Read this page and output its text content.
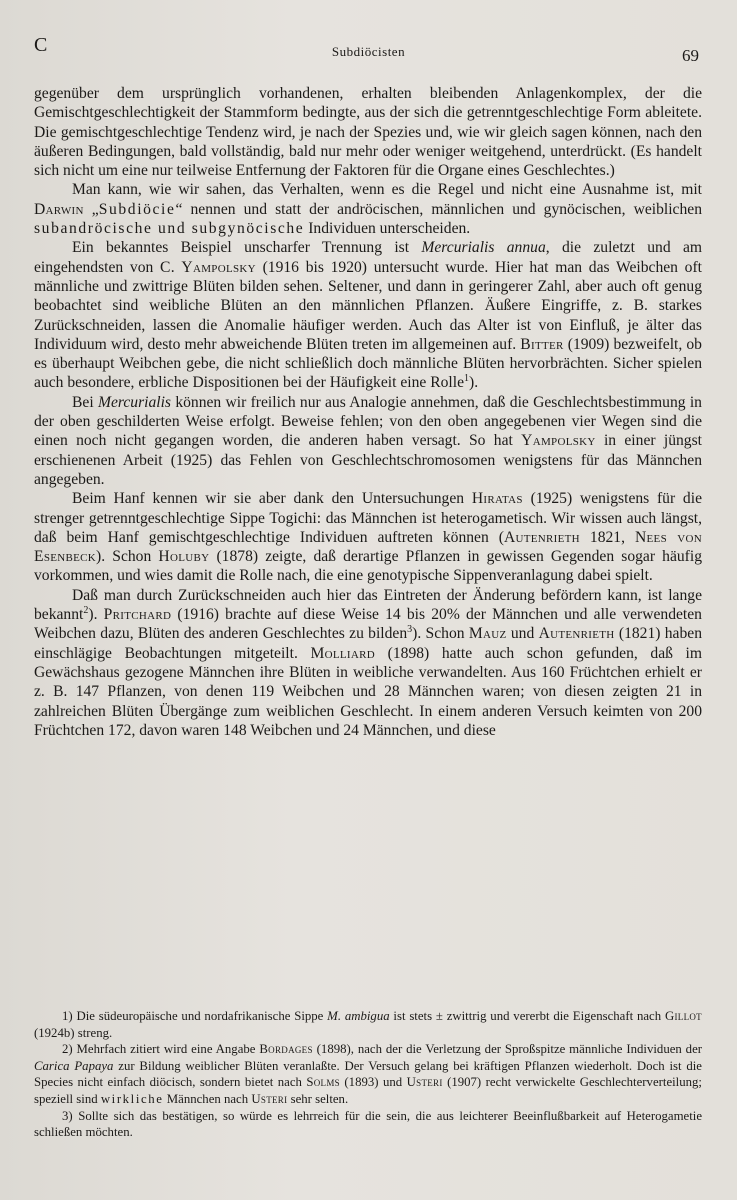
C	Subdiöcisten	69

gegenüber dem ursprünglich vorhandenen, erhalten bleibenden Anlagenkomplex, der die Gemischtgeschlechtigkeit der Stammform bedingte, aus der sich die getrenntgeschlechtige Form ableitete. Die gemischtgeschlechtige Tendenz wird, je nach der Spezies und, wie wir gleich sagen können, nach den äußeren Bedingungen, bald vollständig, bald nur mehr oder weniger weitgehend, unterdrückt. (Es handelt sich nicht um eine nur teilweise Entfernung der Faktoren für die Organe eines Geschlechtes.)

Man kann, wie wir sahen, das Verhalten, wenn es die Regel und nicht eine Ausnahme ist, mit Darwin „Subdiöcie“ nennen und statt der andröcischen, männlichen und gynöcischen, weiblichen subandröcische und subgynöcische Individuen unterscheiden.

Ein bekanntes Beispiel unscharfer Trennung ist Mercurialis annua, die zuletzt und am eingehendsten von C. Yampolsky (1916 bis 1920) untersucht wurde. Hier hat man das Weibchen oft männliche und zwittrige Blüten bilden sehen. Seltener, und dann in geringerer Zahl, aber auch oft genug beobachtet sind weibliche Blüten an den männlichen Pflanzen. Äußere Eingriffe, z. B. starkes Zurückschneiden, lassen die Anomalie häufiger werden. Auch das Alter ist von Einfluß, je älter das Individuum wird, desto mehr abweichende Blüten treten im allgemeinen auf. Bitter (1909) bezweifelt, ob es überhaupt Weibchen gebe, die nicht schließlich doch männliche Blüten hervorbrächten. Sicher spielen auch besondere, erbliche Dispositionen bei der Häufigkeit eine Rolle$^1$).

Bei Mercurialis können wir freilich nur aus Analogie annehmen, daß die Geschlechtsbestimmung in der oben geschilderten Weise erfolgt. Beweise fehlen; von den oben angegebenen vier Wegen sind die einen noch nicht gegangen worden, die anderen haben versagt. So hat Yampolsky in einer jüngst erschienenen Arbeit (1925) das Fehlen von Geschlechtschromosomen wenigstens für das Männchen angegeben.

Beim Hanf kennen wir sie aber dank den Untersuchungen Hiratas (1925) wenigstens für die strenger getrenntgeschlechtige Sippe Togichi: das Männchen ist heterogametisch. Wir wissen auch längst, daß beim Hanf gemischtgeschlechtige Individuen auftreten können (Autenrieth 1821, Nees von Esenbeck). Schon Holuby (1878) zeigte, daß derartige Pflanzen in gewissen Gegenden sogar häufig vorkommen, und wies damit die Rolle nach, die eine genotypische Sippenveranlagung dabei spielt.

Daß man durch Zurückschneiden auch hier das Eintreten der Änderung befördern kann, ist lange bekannt$^2$). Pritchard (1916) brachte auf diese Weise 14 bis 20% der Männchen und alle verwendeten Weibchen dazu, Blüten des anderen Geschlechtes zu bilden$^3$). Schon Mauz und Autenrieth (1821) haben einschlägige Beobachtungen mitgeteilt. Molliard (1898) hatte auch schon gefunden, daß im Gewächshaus gezogene Männchen ihre Blüten in weibliche verwandelten. Aus 160 Früchtchen erhielt er z. B. 147 Pflanzen, von denen 119 Weibchen und 28 Männchen waren; von diesen zeigten 21 in zahlreichen Blüten Übergänge zum weiblichen Geschlecht. In einem anderen Versuch keimten von 200 Früchtchen 172, davon waren 148 Weibchen und 24 Männchen, und diese

1) Die südeuropäische und nordafrikanische Sippe M. ambigua ist stets ± zwittrig und vererbt die Eigenschaft nach Gillot (1924b) streng.

2) Mehrfach zitiert wird eine Angabe Bordages (1898), nach der die Verletzung der Sproßspitze männliche Individuen der Carica Papaya zur Bildung weiblicher Blüten veranlaßte. Der Versuch gelang bei kräftigen Pflanzen wiederholt. Doch ist die Species nicht einfach diöcisch, sondern bietet nach Solms (1893) und Usteri (1907) recht verwickelte Geschlechterverteilung; speziell sind wirkliche Männchen nach Usteri sehr selten.

3) Sollte sich das bestätigen, so würde es lehrreich für die sein, die aus leichterer Beeinflußbarkeit auf Heterogametie schließen möchten.
